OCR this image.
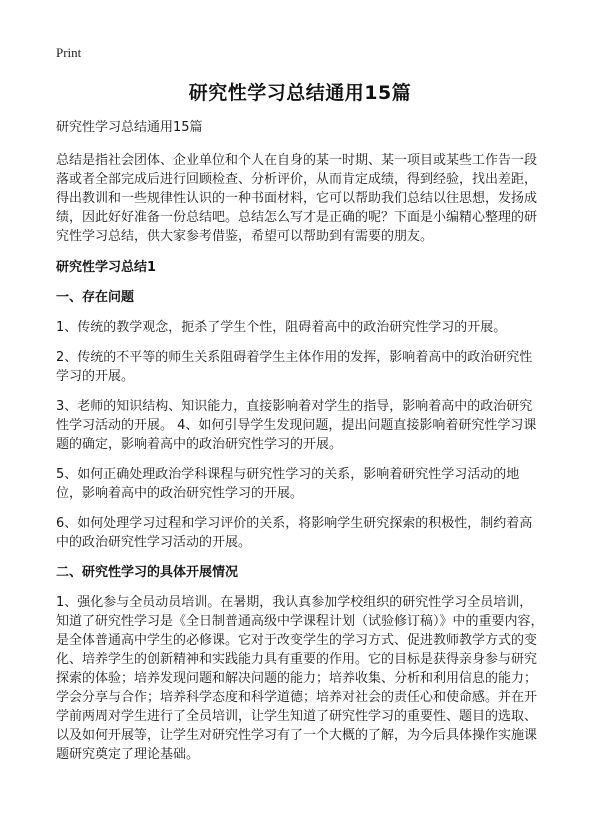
Print
研究性学习总结通用15篇

研究性学习总结通用15篇

总结是指社会团体、企业单位和个人在自身的某一时期、某一项目或某些工作告一段落或者全部完成后进行回顾检查、分析评价，从而肯定成绩，得到经验，找出差距，得出教训和一些规律性认识的一种书面材料，它可以帮助我们总结以往思想，发扬成绩，因此好好准备一份总结吧。总结怎么写才是正确的呢？下面是小编精心整理的研究性学习总结，供大家参考借鉴，希望可以帮助到有需要的朋友。

研究性学习总结1
一、存在问题

1、传统的教学观念，扼杀了学生个性，阻碍着高中的政治研究性学习的开展。

2、传统的不平等的师生关系阻碍着学生主体作用的发挥，影响着高中的政治研究性学习的开展。

3、老师的知识结构、知识能力，直接影响着对学生的指导，影响着高中的政治研究性学习活动的开展。 4、如何引导学生发现问题，提出问题直接影响着研究性学习课题的确定，影响着高中的政治研究性学习的开展。

5、如何正确处理政治学科课程与研究性学习的关系，影响着研究性学习活动的地位，影响着高中的政治研究性学习的开展。

6、如何处理学习过程和学习评价的关系，将影响学生研究探索的积极性，制约着高中的政治研究性学习活动的开展。

二、研究性学习的具体开展情况

1、强化参与全员动员培训。在暑期，我认真参加学校组织的研究性学习全员培训，知道了研究性学习是《全日制普通高级中学课程计划（试验修订稿）》中的重要内容，是全体普通高中学生的必修课。它对于改变学生的学习方式、促进教师教学方式的变化、培养学生的创新精神和实践能力具有重要的作用。它的目标是获得亲身参与研究探索的体验；培养发现问题和解决问题的能力；培养收集、分析和利用信息的能力；学会分享与合作；培养科学态度和科学道德；培养对社会的责任心和使命感。并在开学前两周对学生进行了全员培训，让学生知道了研究性学习的重要性、题目的选取、以及如何开展等，让学生对研究性学习有了一个大概的了解，为今后具体操作实施课题研究奠定了理论基础。
